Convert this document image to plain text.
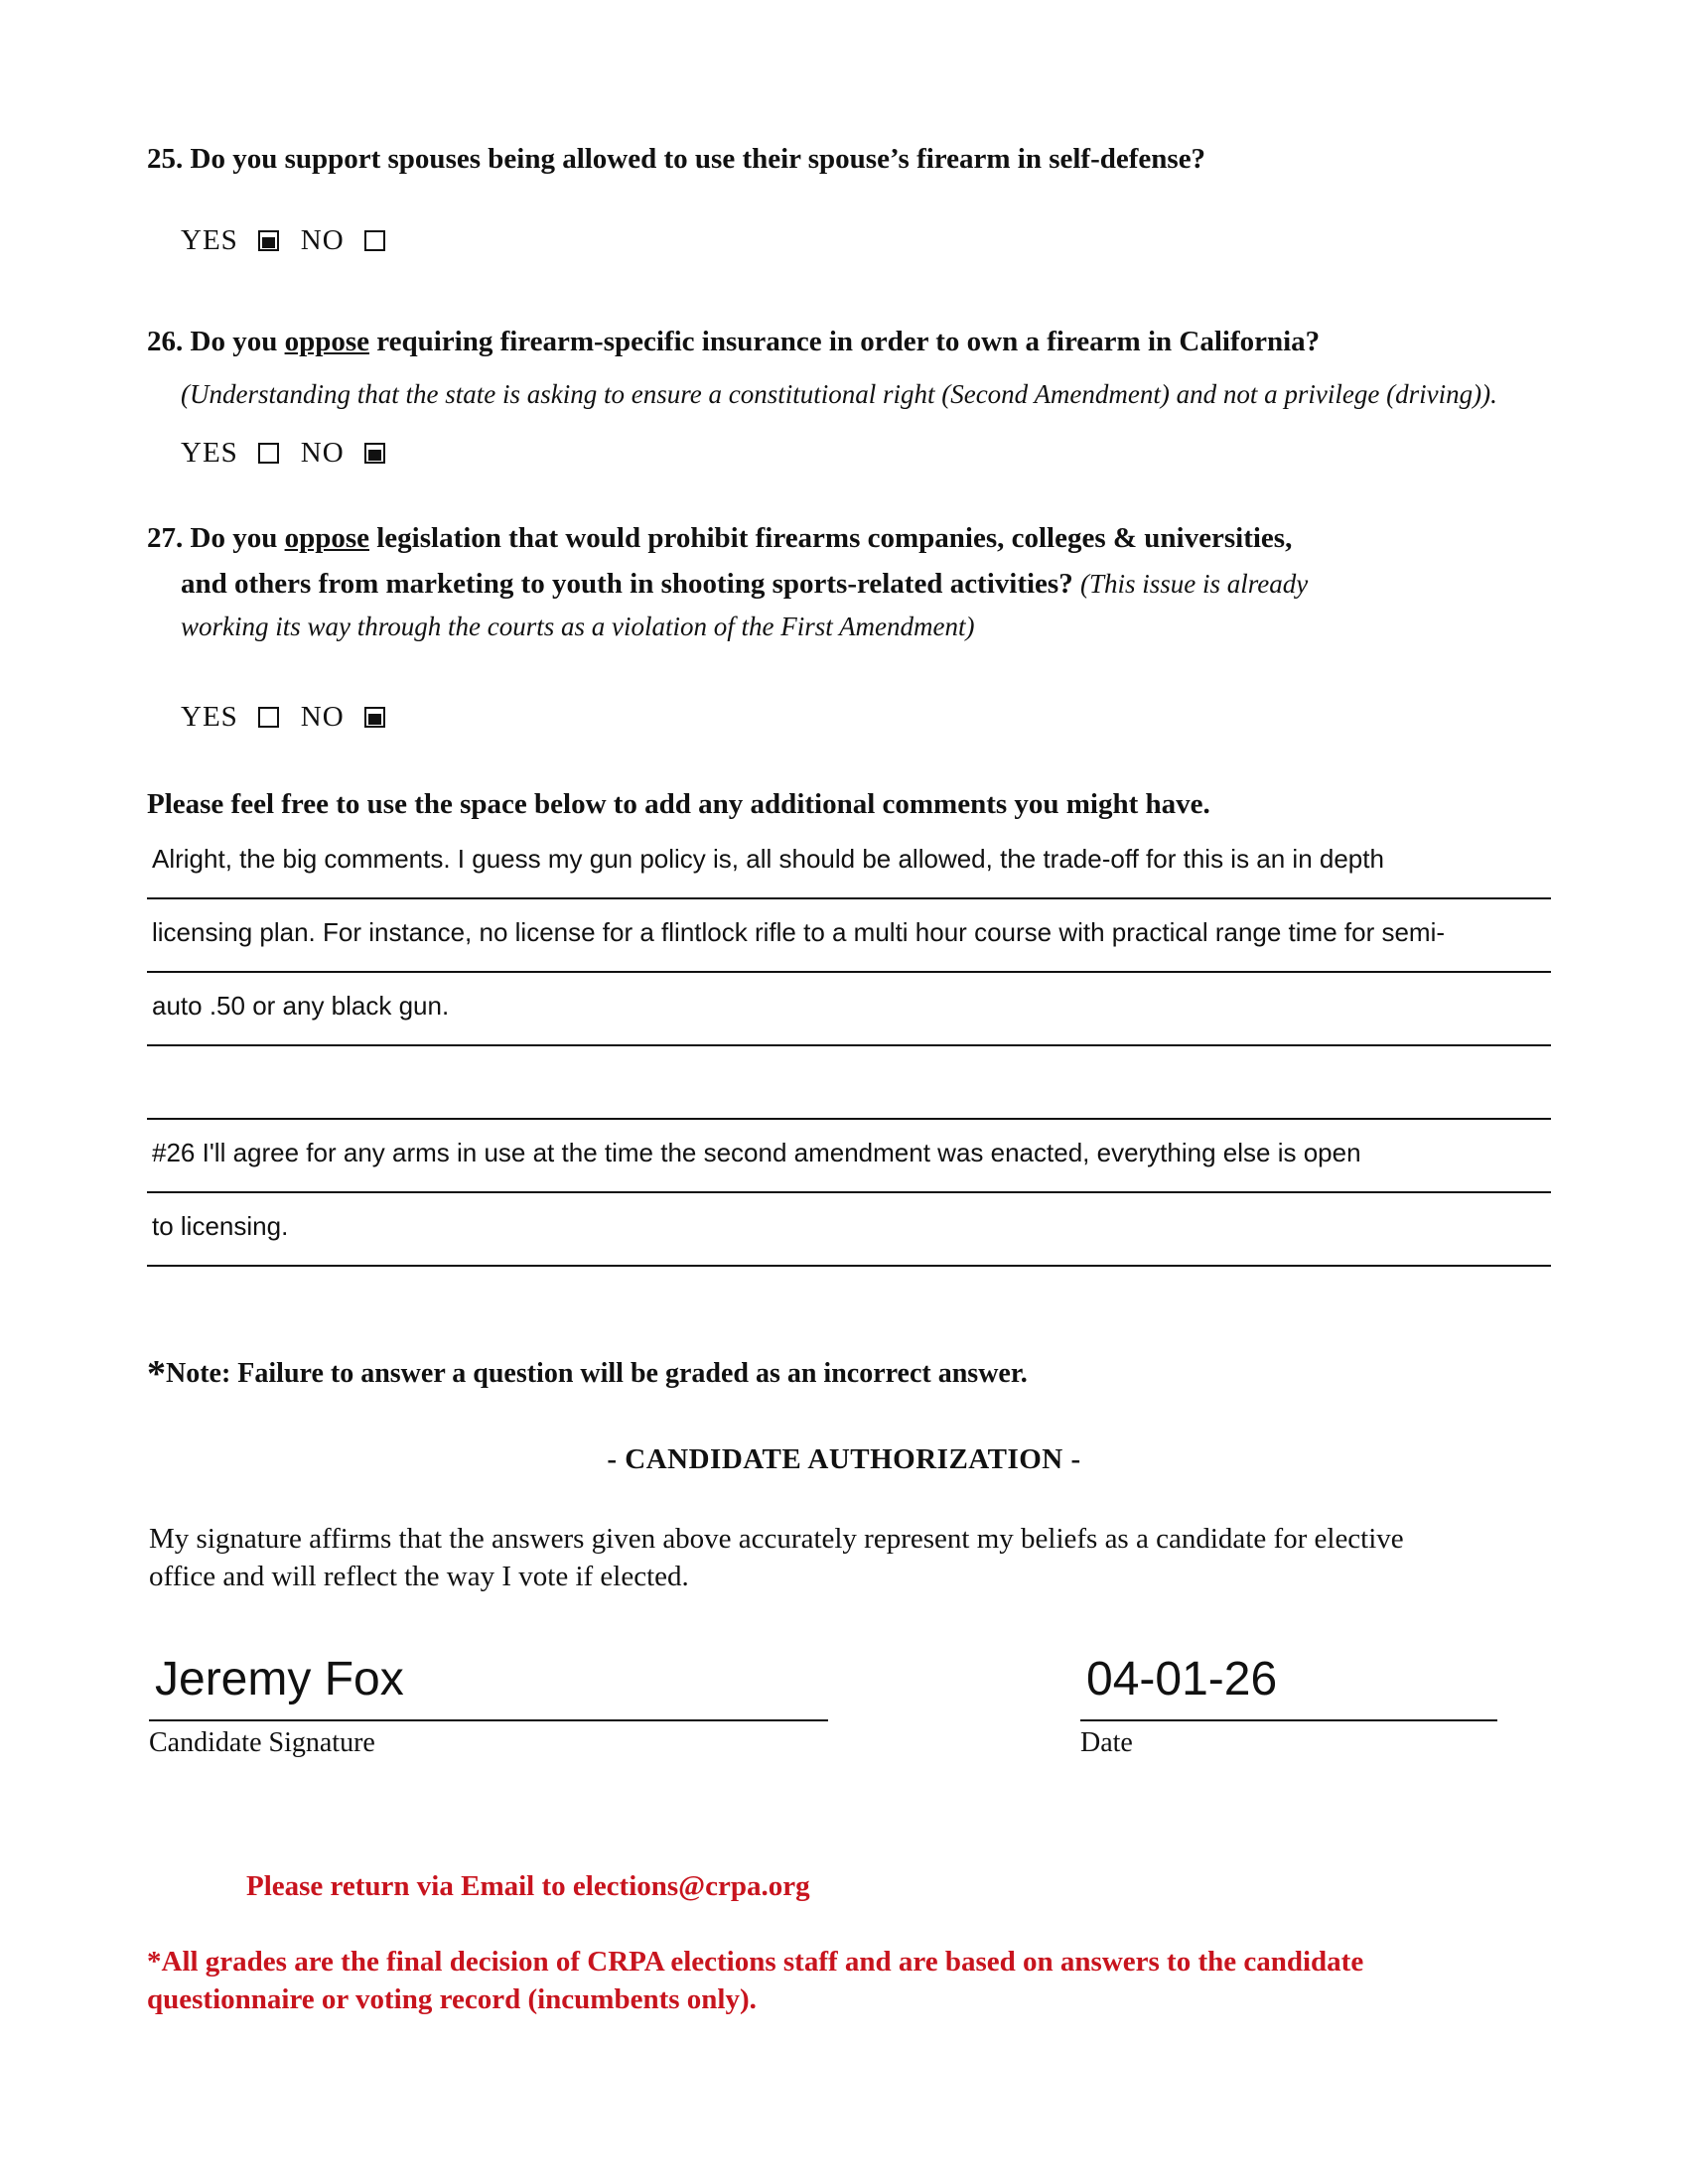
25. Do you support spouses being allowed to use their spouse’s firearm in self-defense?
YES NO
26. Do you oppose requiring firearm-specific insurance in order to own a firearm in California?
(Understanding that the state is asking to ensure a constitutional right (Second Amendment) and not a privilege (driving)).
YES NO
27. Do you oppose legislation that would prohibit firearms companies, colleges & universities,
and others from marketing to youth in shooting sports-related activities? (This issue is already
working its way through the courts as a violation of the First Amendment)
YES NO
Please feel free to use the space below to add any additional comments you might have.
Alright, the big comments. I guess my gun policy is, all should be allowed, the trade-off for this is an in depth
licensing plan. For instance, no license for a flintlock rifle to a multi hour course with practical range time for semi-
auto .50 or any black gun.
#26 I'll agree for any arms in use at the time the second amendment was enacted, everything else is open
to licensing.
*Note: Failure to answer a question will be graded as an incorrect answer.
- CANDIDATE AUTHORIZATION -
My signature affirms that the answers given above accurately represent my beliefs as a candidate for elective
office and will reflect the way I vote if elected.
Jeremy Fox
Candidate Signature
04-01-26
Date
Please return via Email to elections@crpa.org
*All grades are the final decision of CRPA elections staff and are based on answers to the candidate
questionnaire or voting record (incumbents only).
